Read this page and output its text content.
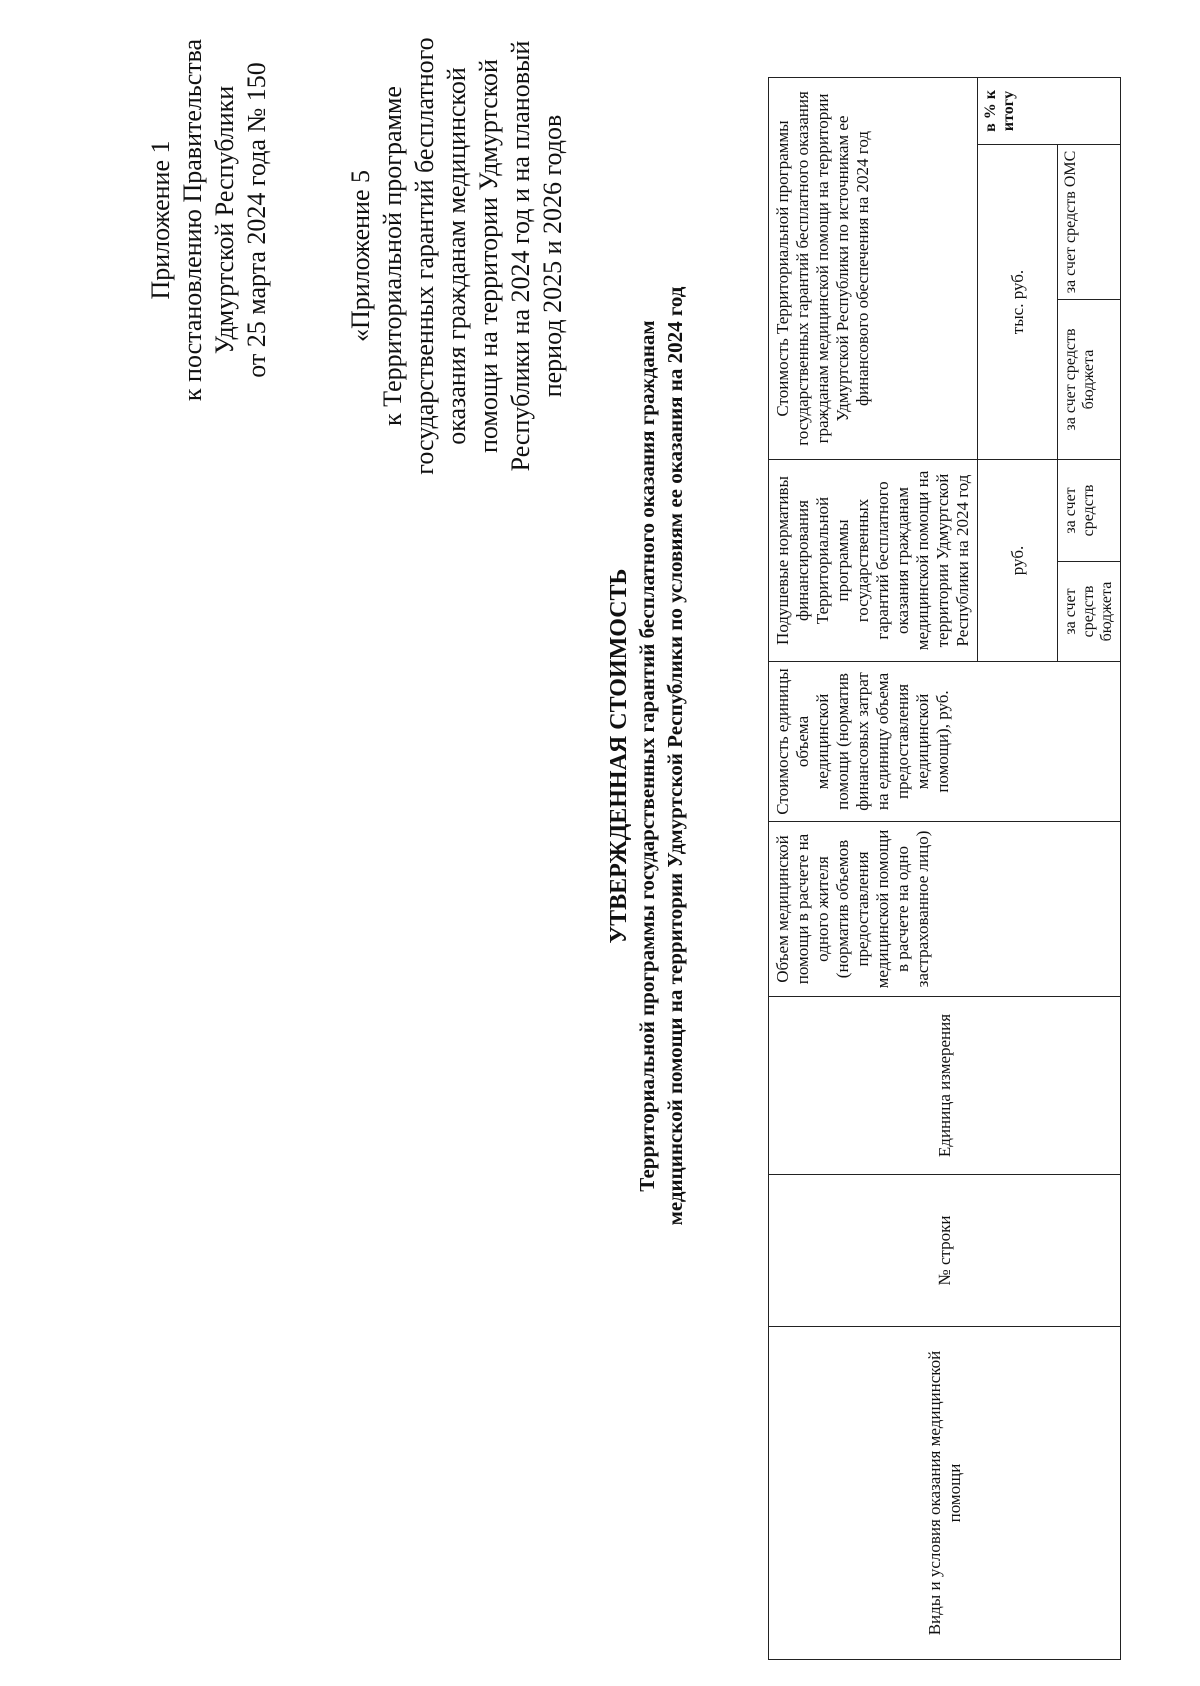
Приложение 1 к постановлению Правительства Удмуртской Республики от 25 марта 2024 года № 150	«Приложение 5 к Территориальной программе государственных гарантий бесплатного оказания гражданам медицинской помощи на территории Удмуртской Республики на 2024 год и на плановый период 2025 и 2026 годов
УТВЕРЖДЕННАЯ СТОИМОСТЬ Территориальной программы государственных гарантий бесплатного оказания гражданам медицинской помощи на территории Удмуртской Республики по условиям ее оказания на 2024 год
Виды и условия оказания медицинской помощи	№ строки	Единица измерения	Объем медицинской помощи в расчете на одного жителя (норматив объемов предоставления медицинской помощи в расчете на одно застрахованное лицо)	Стоимость единицы объема медицинской помощи (норматив финансовых затрат на единицу объема предоставления медицинской помощи), руб.	Подушевые нормативы финансирования Территориальной программы государственных гарантий бесплатного оказания гражданам медицинской помощи на территории Удмуртской Республики на 2024 год		Стоимость Территориальной программы государственных гарантий бесплатного оказания гражданам медицинской помощи на территории Удмуртской Республики по источникам ее финансового обеспечения на 2024 год		
					руб.		тыс. руб.		в % к итогу
					за счет средств бюджета	за счет средств	за счет средств бюджета	за счет средств ОМС	
